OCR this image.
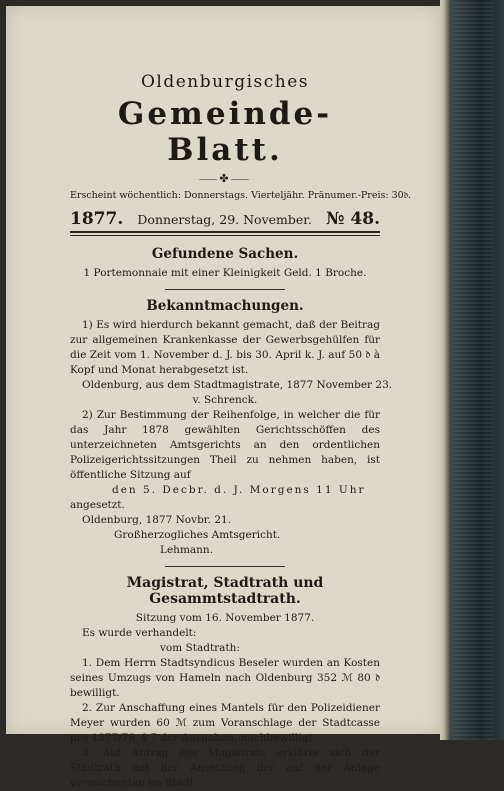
Oldenburgisches

Gemeinde-Blatt.

⸺✤⸺

Erscheint wöchentlich: Donnerstags. Vierteljähr. Pränumer.-Preis: 30𝔡.

1877. Donnerstag, 29. November. № 48.
Gefundene Sachen.

1 Portemonnaie mit einer Kleinigkeit Geld. 1 Broche.

Bekanntmachungen.

1) Es wird hierdurch bekannt gemacht, daß der Beitrag zur allgemeinen Krankenkasse der Gewerbsgehülfen für die Zeit vom 1. November d. J. bis 30. April k. J. auf 50 𝔡 à Kopf und Monat herabgesetzt ist.

Oldenburg, aus dem Stadtmagistrate, 1877 November 23.

v. Schrenck.

2) Zur Bestimmung der Reihenfolge, in welcher die für das Jahr 1878 gewählten Gerichtsschöffen des unterzeichneten Amtsgerichts an den ordentlichen Polizeigerichtssitzungen Theil zu nehmen haben, ist öffentliche Sitzung auf

den 5. Decbr. d. J. Morgens 11 Uhr

angesetzt.

Oldenburg, 1877 Novbr. 21.

Großherzogliches Amtsgericht.

Lehmann.

Magistrat, Stadtrath und Gesammtstadtrath.

Sitzung vom 16. November 1877.

Es wurde verhandelt:

vom Stadtrath:

1. Dem Herrn Stadtsyndicus Beseler wurden an Kosten seines Umzugs von Hameln nach Oldenburg 352 ℳ 80 𝔡 bewilligt.

2. Zur Anschaffung eines Mantels für den Polizeidiener Meyer wurden 60 ℳ zum Voranschlage der Stadtcasse pro 1877/78, § 7 der Ausgaben, nachbewilligt.

3. Auf Antrag des Magistrats erklärte sich der Stadtrath mit der Ansetzung der auf der Anlage verzeichneten im Stadt-
